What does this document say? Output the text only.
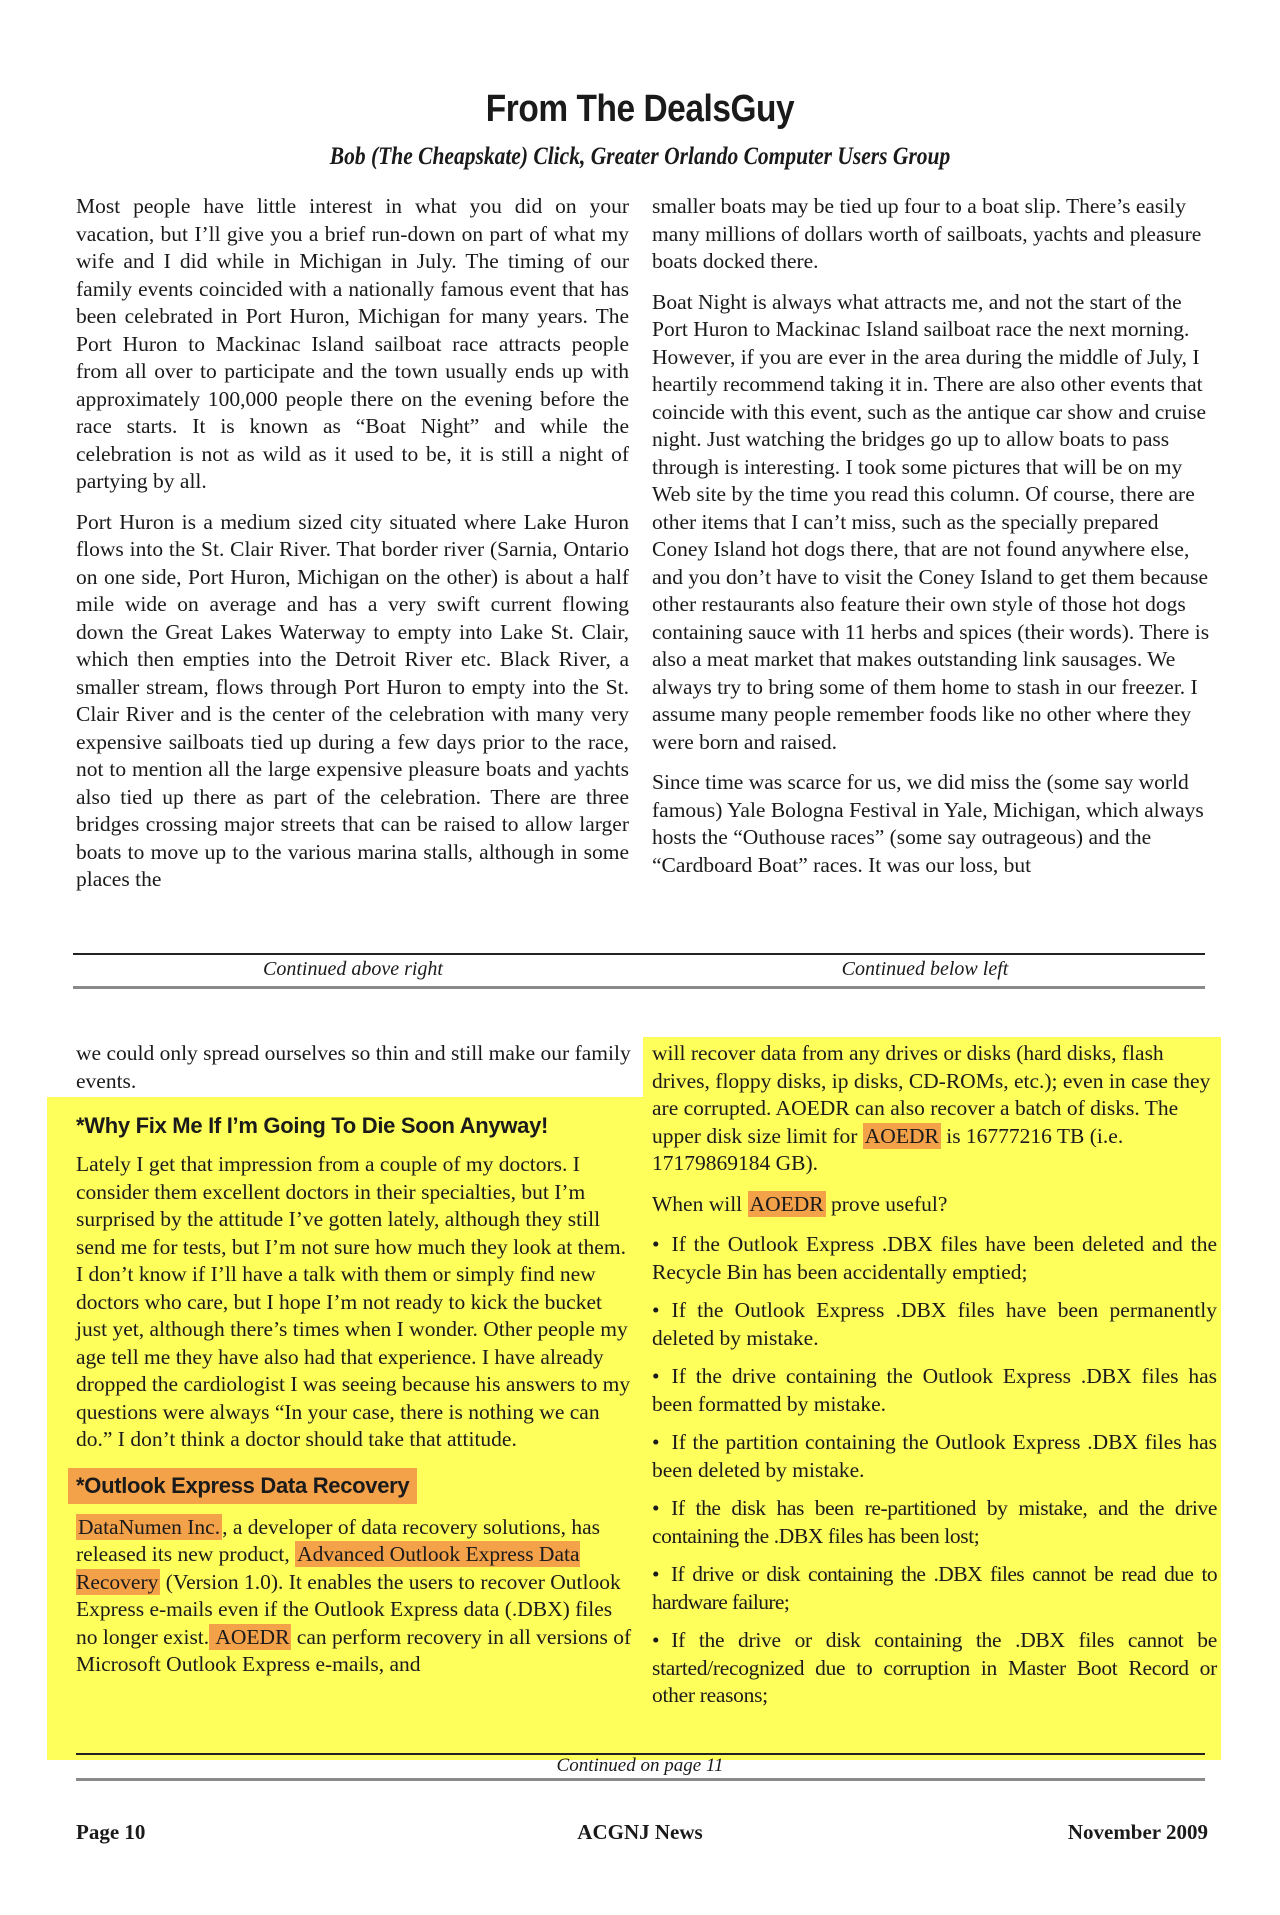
From The DealsGuy
Bob (The Cheapskate) Click, Greater Orlando Computer Users Group

Most people have little interest in what you did on your vacation, but I’ll give you a brief run-down on part of what my wife and I did while in Michigan in July. The timing of our family events coincided with a nationally famous event that has been celebrated in Port Huron, Michigan for many years. The Port Huron to Mackinac Island sailboat race attracts people from all over to participate and the town usually ends up with approximately 100,000 people there on the evening before the race starts. It is known as “Boat Night” and while the celebration is not as wild as it used to be, it is still a night of partying by all.

Port Huron is a medium sized city situated where Lake Huron flows into the St. Clair River. That border river (Sarnia, Ontario on one side, Port Huron, Michigan on the other) is about a half mile wide on average and has a very swift current flowing down the Great Lakes Waterway to empty into Lake St. Clair, which then empties into the Detroit River etc. Black River, a smaller stream, flows through Port Huron to empty into the St. Clair River and is the center of the celebration with many very expensive sailboats tied up during a few days prior to the race, not to mention all the large expensive pleasure boats and yachts also tied up there as part of the celebration. There are three bridges crossing major streets that can be raised to allow larger boats to move up to the various marina stalls, although in some places the

smaller boats may be tied up four to a boat slip. There’s easily many millions of dollars worth of sailboats, yachts and pleasure boats docked there.

Boat Night is always what attracts me, and not the start of the Port Huron to Mackinac Island sailboat race the next morning. However, if you are ever in the area during the middle of July, I heartily recommend taking it in. There are also other events that coincide with this event, such as the antique car show and cruise night. Just watching the bridges go up to allow boats to pass through is interesting. I took some pictures that will be on my Web site by the time you read this column. Of course, there are other items that I can’t miss, such as the specially prepared Coney Island hot dogs there, that are not found anywhere else, and you don’t have to visit the Coney Island to get them because other restaurants also feature their own style of those hot dogs containing sauce with 11 herbs and spices (their words). There is also a meat market that makes outstanding link sausages. We always try to bring some of them home to stash in our freezer. I assume many people remember foods like no other where they were born and raised.

Since time was scarce for us, we did miss the (some say world famous) Yale Bologna Festival in Yale, Michigan, which always hosts the “Outhouse races” (some say outrageous) and the “Cardboard Boat” races. It was our loss, but

Continued above right	Continued below left

we could only spread ourselves so thin and still make our family events.

*Why Fix Me If I’m Going To Die Soon Anyway!

Lately I get that impression from a couple of my doctors. I consider them excellent doctors in their specialties, but I’m surprised by the attitude I’ve gotten lately, although they still send me for tests, but I’m not sure how much they look at them. I don’t know if I’ll have a talk with them or simply find new doctors who care, but I hope I’m not ready to kick the bucket just yet, although there’s times when I wonder. Other people my age tell me they have also had that experience. I have already dropped the cardiologist I was seeing because his answers to my questions were always “In your case, there is nothing we can do.” I don’t think a doctor should take that attitude.

*Outlook Express Data Recovery

DataNumen Inc., a developer of data recovery solutions, has released its new product, Advanced Outlook Express Data Recovery (Version 1.0). It enables the users to recover Outlook Express e-mails even if the Outlook Express data (.DBX) files no longer exist. AOEDR can perform recovery in all versions of Microsoft Outlook Express e-mails, and

will recover data from any drives or disks (hard disks, flash drives, floppy disks, ip disks, CD-ROMs, etc.); even in case they are corrupted. AOEDR can also recover a batch of disks. The upper disk size limit for AOEDR is 16777216 TB (i.e. 17179869184 GB).

When will AOEDR prove useful?

• If the Outlook Express .DBX files have been deleted and the Recycle Bin has been accidentally emptied;
• If the Outlook Express .DBX files have been permanently deleted by mistake.
• If the drive containing the Outlook Express .DBX files has been formatted by mistake.
• If the partition containing the Outlook Express .DBX files has been deleted by mistake.
• If the disk has been re-partitioned by mistake, and the drive containing the .DBX files has been lost;
• If drive or disk containing the .DBX files cannot be read due to hardware failure;
• If the drive or disk containing the .DBX files cannot be started/recognized due to corruption in Master Boot Record or other reasons;
Continued on page 11
Page 10	ACGNJ News	November 2009
